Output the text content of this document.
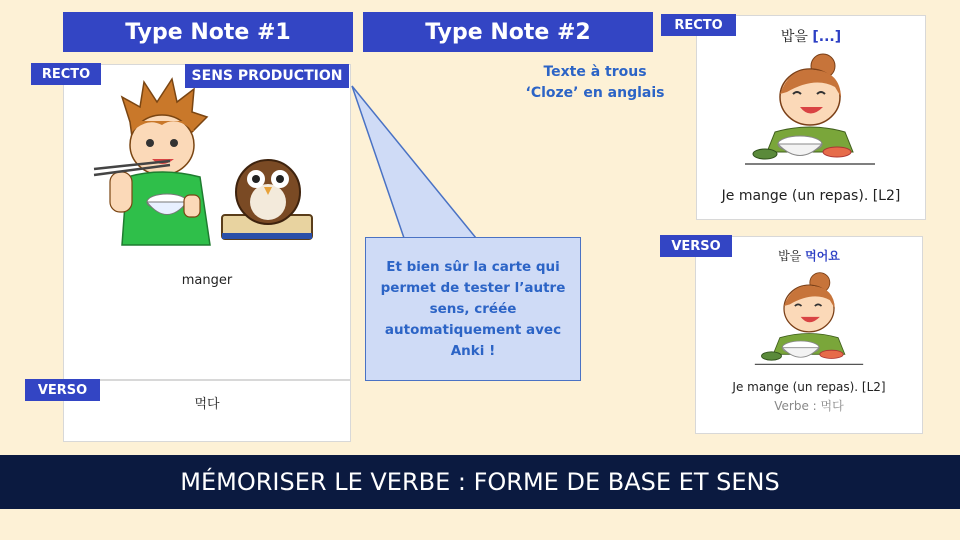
Type Note #1	Type Note #2
manger
RECTO	SENS PRODUCTION
먹다
VERSO
Texte à trous
‘Cloze’ en anglais
Et bien sûr la carte qui permet de tester l’autre sens, créée automatiquement avec Anki !
밥을 [...]
Je mange (un repas). [L2]
RECTO
밥을 먹어요
Je mange (un repas). [L2]
Verbe : 먹다
VERSO
MÉMORISER LE VERBE : FORME DE BASE ET SENS
